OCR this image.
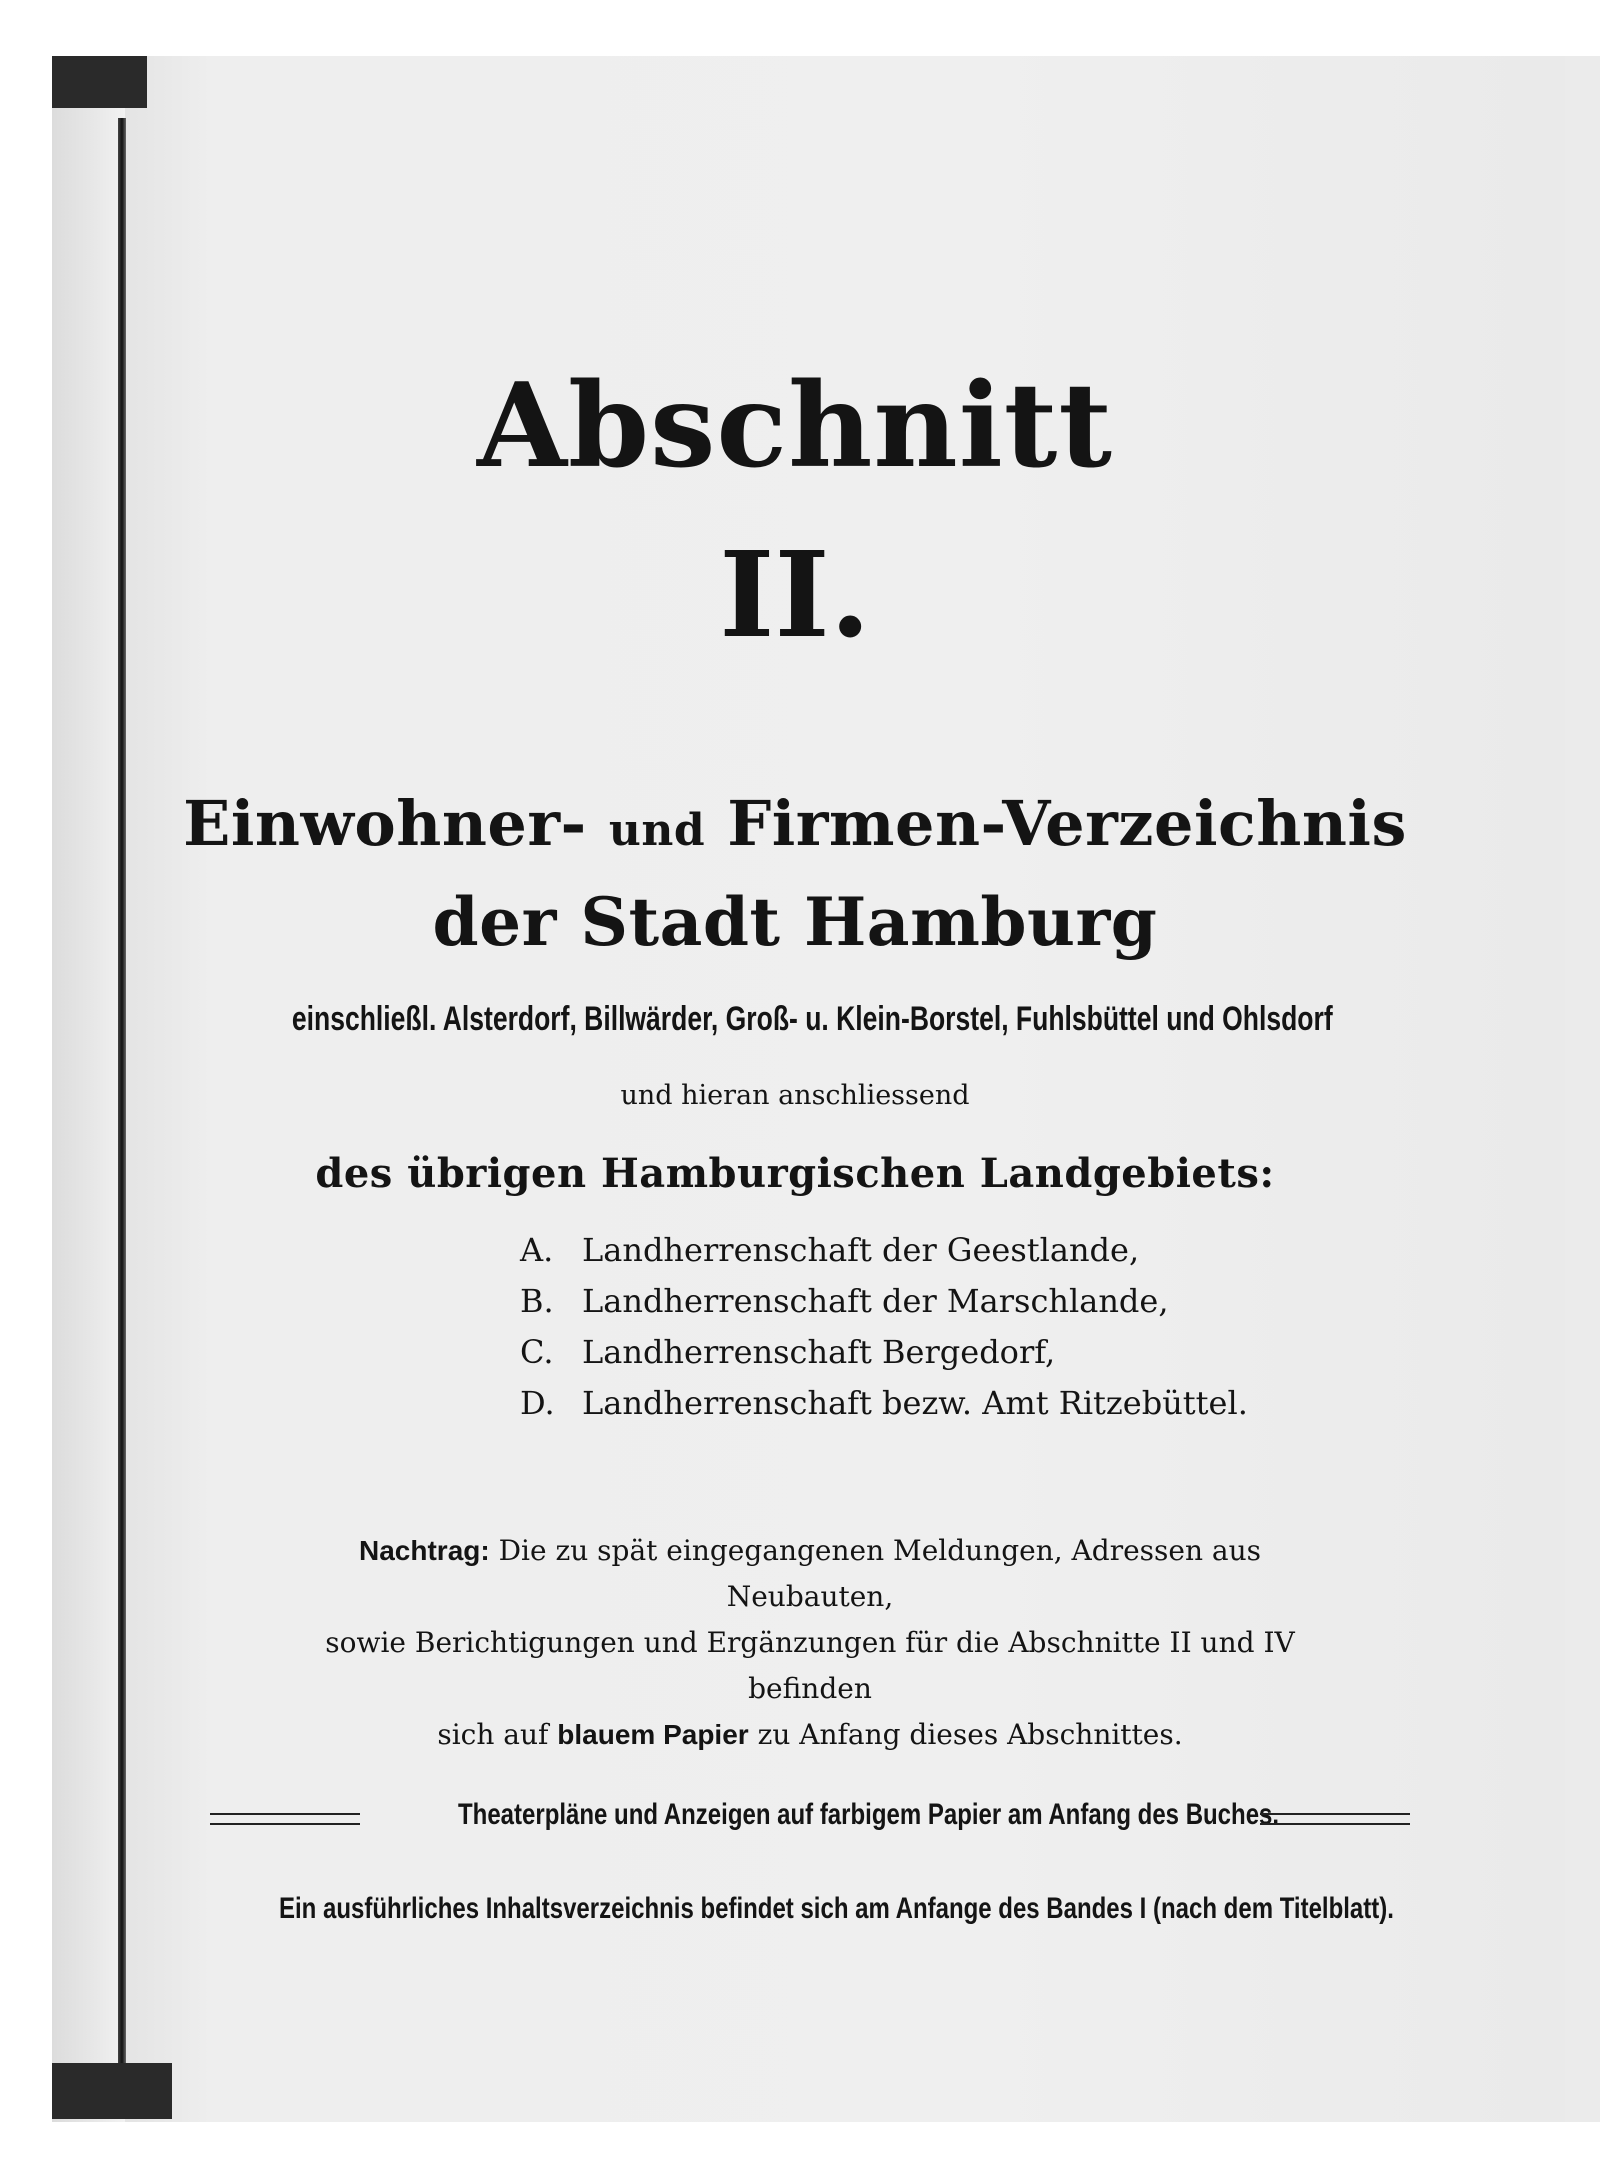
Abschnitt
II.
Einwohner- und Firmen-Verzeichnis
der Stadt Hamburg
einschließl. Alsterdorf, Billwärder, Groß- u. Klein-Borstel, Fuhlsbüttel und Ohlsdorf
und hieran anschliessend
des übrigen Hamburgischen Landgebiets:
A. Landherrenschaft der Geestlande,
B. Landherrenschaft der Marschlande,
C. Landherrenschaft Bergedorf,
D. Landherrenschaft bezw. Amt Ritzebüttel.
Nachtrag: Die zu spät eingegangenen Meldungen, Adressen aus Neubauten,
sowie Berichtigungen und Ergänzungen für die Abschnitte II und IV befinden
sich auf blauem Papier zu Anfang dieses Abschnittes.
Theaterpläne und Anzeigen auf farbigem Papier am Anfang des Buches.
Ein ausführliches Inhaltsverzeichnis befindet sich am Anfange des Bandes I (nach dem Titelblatt).
